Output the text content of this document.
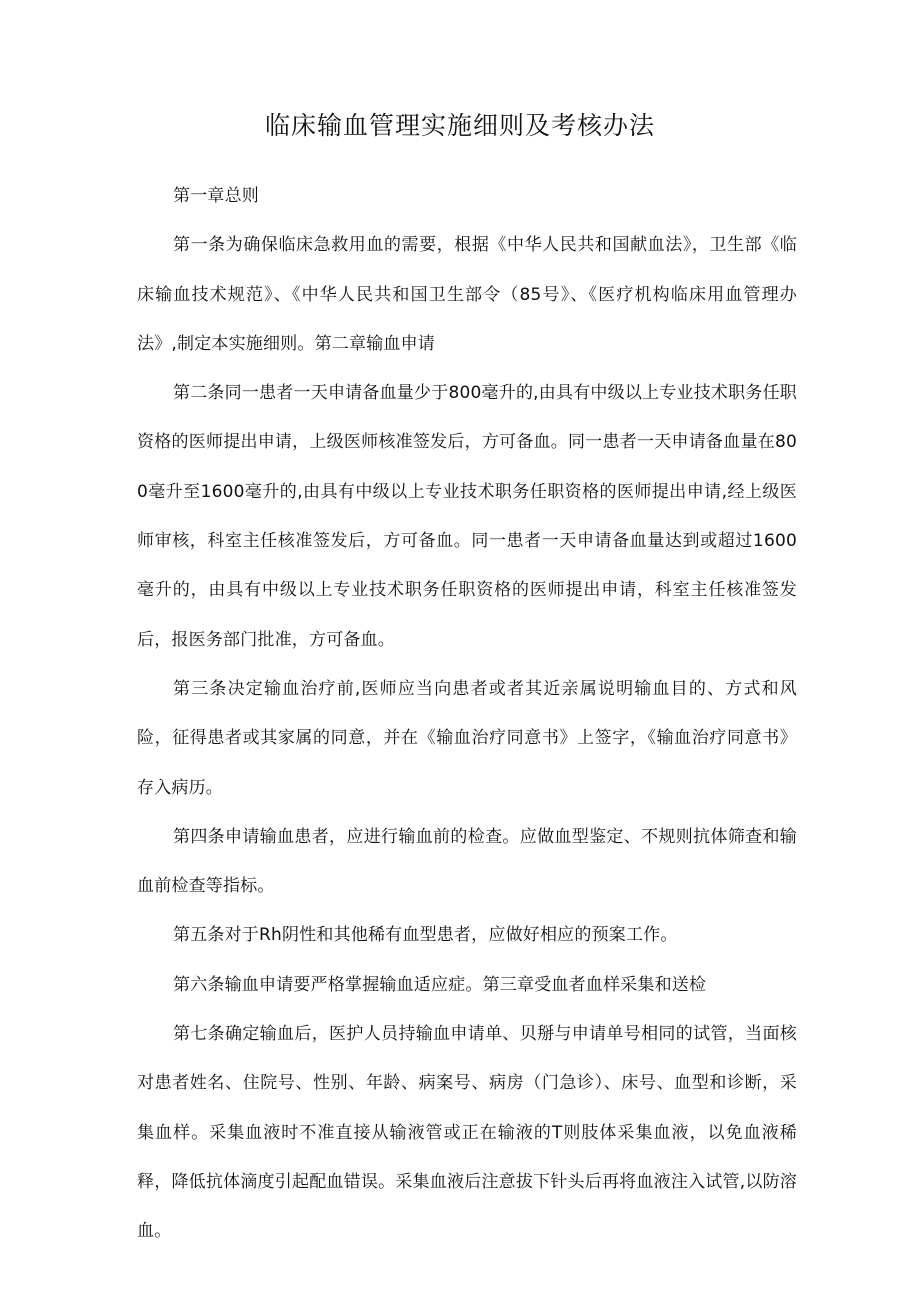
临床输血管理实施细则及考核办法

第一章总则

第一条为确保临床急救用血的需要，根据《中华人民共和国献血法》，卫生部《临床输血技术规范》、《中华人民共和国卫生部令（85号》、《医疗机构临床用血管理办法》,制定本实施细则。第二章输血申请

第二条同一患者一天申请备血量少于800毫升的,由具有中级以上专业技术职务任职资格的医师提出申请，上级医师核准签发后，方可备血。同一患者一天申请备血量在800毫升至1600毫升的,由具有中级以上专业技术职务任职资格的医师提出申请,经上级医师审核，科室主任核准签发后，方可备血。同一患者一天申请备血量达到或超过1600毫升的，由具有中级以上专业技术职务任职资格的医师提出申请，科室主任核准签发后，报医务部门批准，方可备血。

第三条决定输血治疗前,医师应当向患者或者其近亲属说明输血目的、方式和风险，征得患者或其家属的同意，并在《输血治疗同意书》上签字，《输血治疗同意书》存入病历。

第四条申请输血患者，应进行输血前的检查。应做血型鉴定、不规则抗体筛查和输血前检查等指标。

第五条对于Rh阴性和其他稀有血型患者，应做好相应的预案工作。

第六条输血申请要严格掌握输血适应症。第三章受血者血样采集和送检

第七条确定输血后，医护人员持输血申请单、贝掰与申请单号相同的试管，当面核对患者姓名、住院号、性别、年龄、病案号、病房（门急诊）、床号、血型和诊断，采集血样。采集血液时不准直接从输液管或正在输液的T则肢体采集血液，以免血液稀释，降低抗体滴度引起配血错误。采集血液后注意拔下针头后再将血液注入试管,以防溶血。
